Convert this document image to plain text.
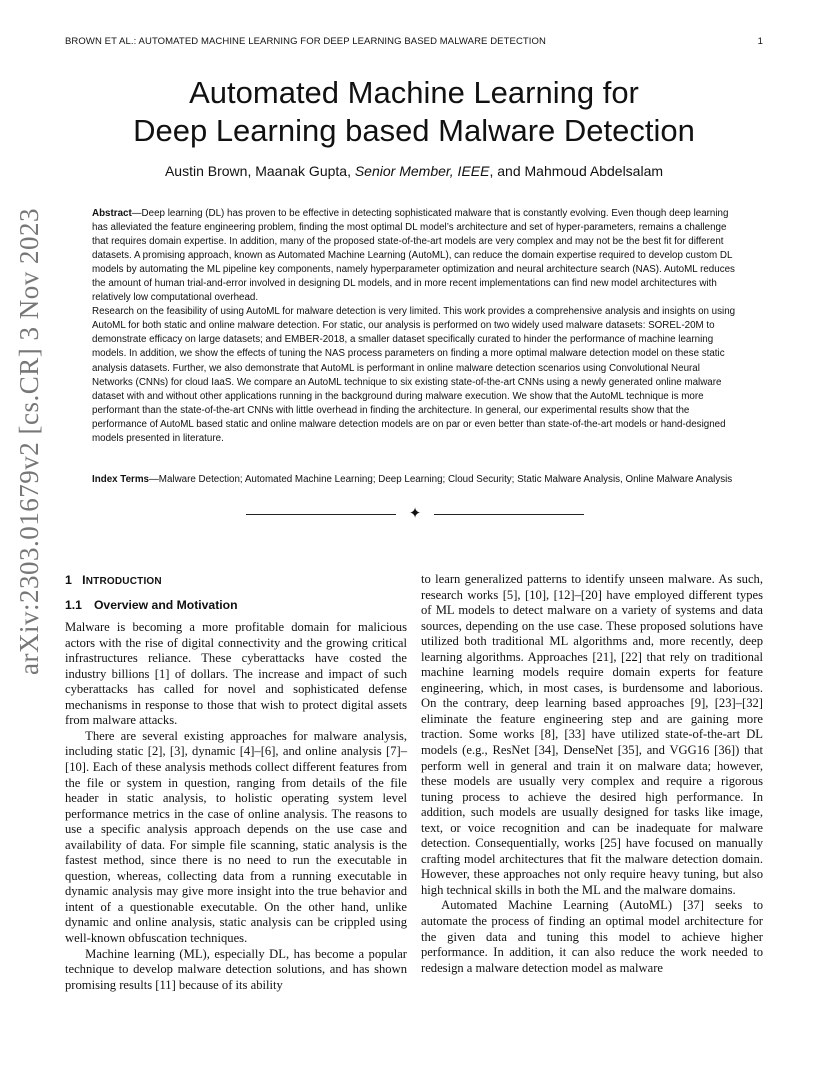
BROWN ET AL.: AUTOMATED MACHINE LEARNING FOR DEEP LEARNING BASED MALWARE DETECTION	1
Automated Machine Learning for
Deep Learning based Malware Detection
Austin Brown, Maanak Gupta, Senior Member, IEEE, and Mahmoud Abdelsalam

Abstract—Deep learning (DL) has proven to be effective in detecting sophisticated malware that is constantly evolving. Even though deep learning has alleviated the feature engineering problem, finding the most optimal DL model’s architecture and set of hyper-parameters, remains a challenge that requires domain expertise. In addition, many of the proposed state-of-the-art models are very complex and may not be the best fit for different datasets. A promising approach, known as Automated Machine Learning (AutoML), can reduce the domain expertise required to develop custom DL models by automating the ML pipeline key components, namely hyperparameter optimization and neural architecture search (NAS). AutoML reduces the amount of human trial-and-error involved in designing DL models, and in more recent implementations can find new model architectures with relatively low computational overhead.

Research on the feasibility of using AutoML for malware detection is very limited. This work provides a comprehensive analysis and insights on using AutoML for both static and online malware detection. For static, our analysis is performed on two widely used malware datasets: SOREL-20M to demonstrate efficacy on large datasets; and EMBER-2018, a smaller dataset specifically curated to hinder the performance of machine learning models. In addition, we show the effects of tuning the NAS process parameters on finding a more optimal malware detection model on these static analysis datasets. Further, we also demonstrate that AutoML is performant in online malware detection scenarios using Convolutional Neural Networks (CNNs) for cloud IaaS. We compare an AutoML technique to six existing state-of-the-art CNNs using a newly generated online malware dataset with and without other applications running in the background during malware execution. We show that the AutoML technique is more performant than the state-of-the-art CNNs with little overhead in finding the architecture. In general, our experimental results show that the performance of AutoML based static and online malware detection models are on par or even better than state-of-the-art models or hand-designed models presented in literature.

Index Terms—Malware Detection; Automated Machine Learning; Deep Learning; Cloud Security; Static Malware Analysis, Online Malware Analysis
✦
arXiv:2303.01679v2 [cs.CR] 3 Nov 2023 1 INTRODUCTION
1.1 Overview and Motivation

Malware is becoming a more profitable domain for malicious actors with the rise of digital connectivity and the growing critical infrastructures reliance. These cyberattacks have costed the industry billions [1] of dollars. The increase and impact of such cyberattacks has called for novel and sophisticated defense mechanisms in response to those that wish to protect digital assets from malware attacks.

There are several existing approaches for malware analysis, including static [2], [3], dynamic [4]–[6], and online analysis [7]–[10]. Each of these analysis methods collect different features from the file or system in question, ranging from details of the file header in static analysis, to holistic operating system level performance metrics in the case of online analysis. The reasons to use a specific analysis approach depends on the use case and availability of data. For simple file scanning, static analysis is the fastest method, since there is no need to run the executable in question, whereas, collecting data from a running executable in dynamic analysis may give more insight into the true behavior and intent of a questionable executable. On the other hand, unlike dynamic and online analysis, static analysis can be crippled using well-known obfuscation techniques.

Machine learning (ML), especially DL, has become a popular technique to develop malware detection solutions, and has shown promising results [11] because of its ability

to learn generalized patterns to identify unseen malware. As such, research works [5], [10], [12]–[20] have employed different types of ML models to detect malware on a variety of systems and data sources, depending on the use case. These proposed solutions have utilized both traditional ML algorithms and, more recently, deep learning algorithms. Approaches [21], [22] that rely on traditional machine learning models require domain experts for feature engineering, which, in most cases, is burdensome and laborious. On the contrary, deep learning based approaches [9], [23]–[32] eliminate the feature engineering step and are gaining more traction. Some works [8], [33] have utilized state-of-the-art DL models (e.g., ResNet [34], DenseNet [35], and VGG16 [36]) that perform well in general and train it on malware data; however, these models are usually very complex and require a rigorous tuning process to achieve the desired high performance. In addition, such models are usually designed for tasks like image, text, or voice recognition and can be inadequate for malware detection. Consequentially, works [25] have focused on manually crafting model architectures that fit the malware detection domain. However, these approaches not only require heavy tuning, but also high technical skills in both the ML and the malware domains.

Automated Machine Learning (AutoML) [37] seeks to automate the process of finding an optimal model architecture for the given data and tuning this model to achieve higher performance. In addition, it can also reduce the work needed to redesign a malware detection model as malware
